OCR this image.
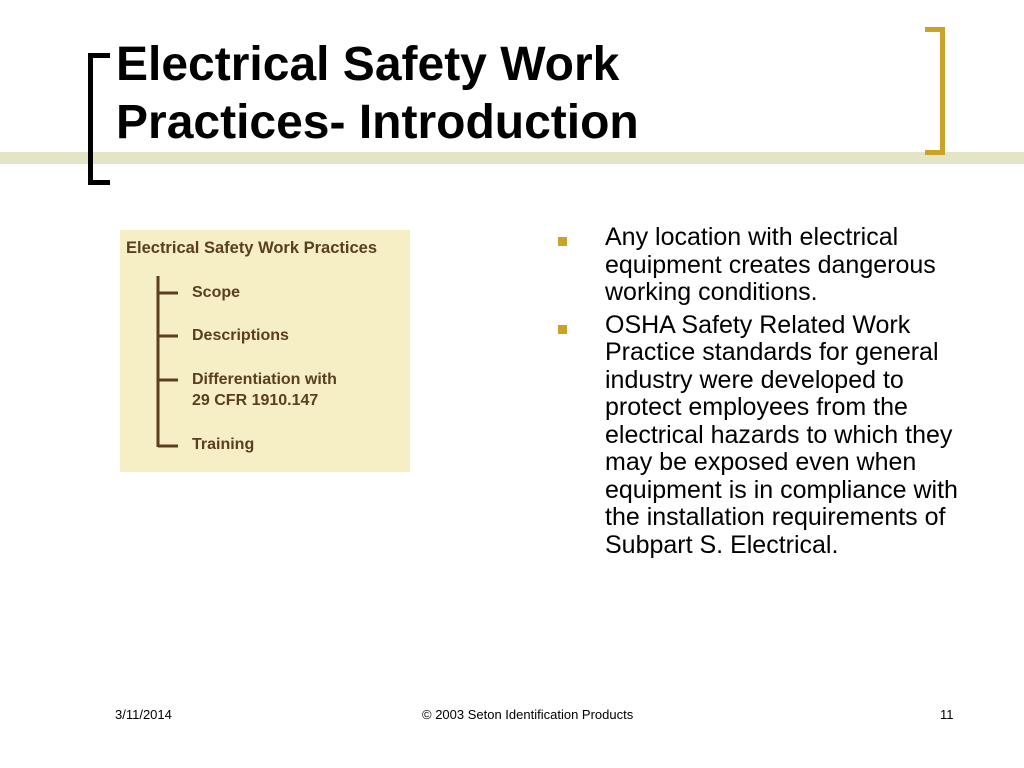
Electrical Safety Work
Practices- Introduction
Electrical Safety Work Practices
Scope
Descriptions
Differentiation with
29 CFR 1910.147
Training
Any location with electrical equipment creates dangerous working conditions.
OSHA Safety Related Work Practice standards for general industry were developed to protect employees from the electrical hazards to which they may be exposed even when equipment is in compliance with the installation requirements of Subpart S. Electrical.
3/11/2014	© 2003 Seton Identification Products	11
